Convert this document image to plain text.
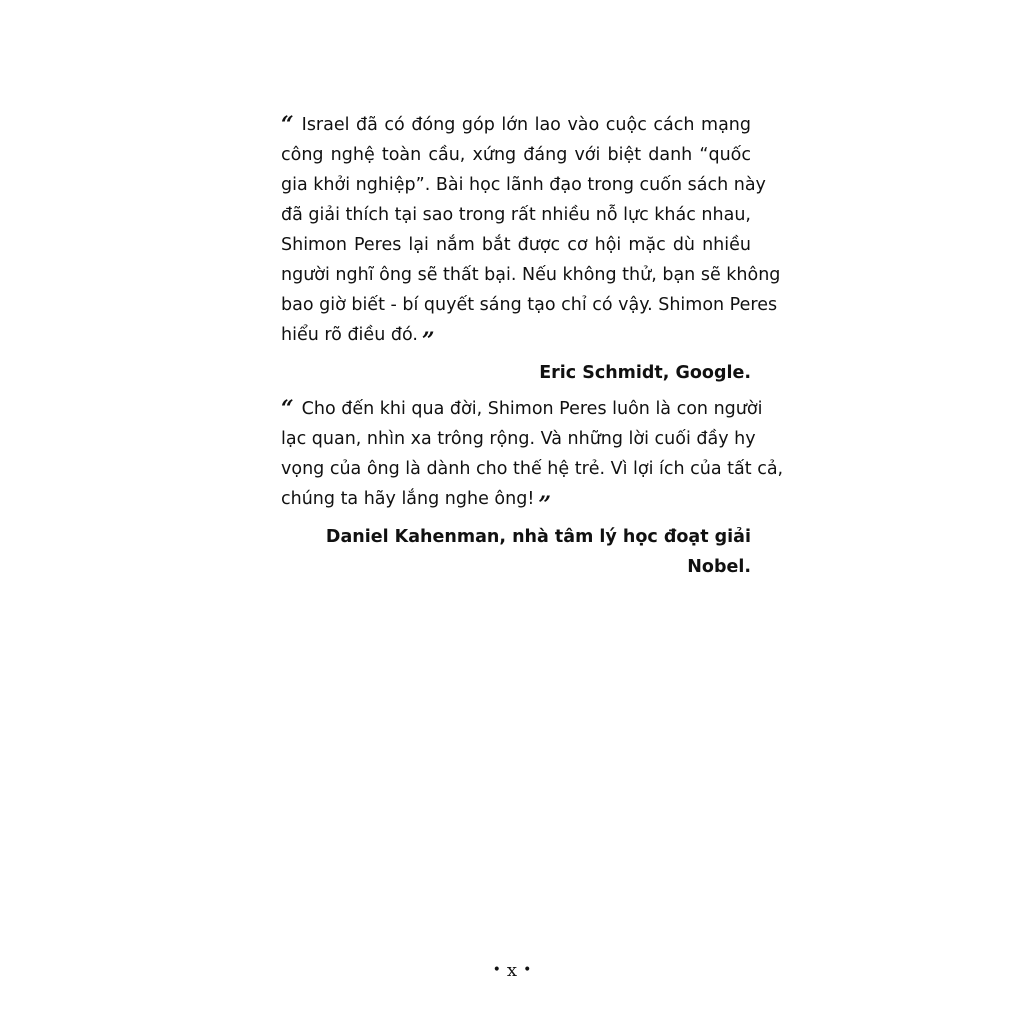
“ Israel đã có đóng góp lớn lao vào cuộc cách mạng
công nghệ toàn cầu, xứng đáng với biệt danh “quốc
gia khởi nghiệp”. Bài học lãnh đạo trong cuốn sách này
đã giải thích tại sao trong rất nhiều nỗ lực khác nhau,
Shimon Peres lại nắm bắt được cơ hội mặc dù nhiều
người nghĩ ông sẽ thất bại. Nếu không thử, bạn sẽ không
bao giờ biết - bí quyết sáng tạo chỉ có vậy. Shimon Peres
hiểu rõ điều đó. ”

Eric Schmidt, Google.

“ Cho đến khi qua đời, Shimon Peres luôn là con người
lạc quan, nhìn xa trông rộng. Và những lời cuối đầy hy
vọng của ông là dành cho thế hệ trẻ. Vì lợi ích của tất cả,
chúng ta hãy lắng nghe ông! ”

Daniel Kahenman, nhà tâm lý học đoạt giải Nobel.

• x •
